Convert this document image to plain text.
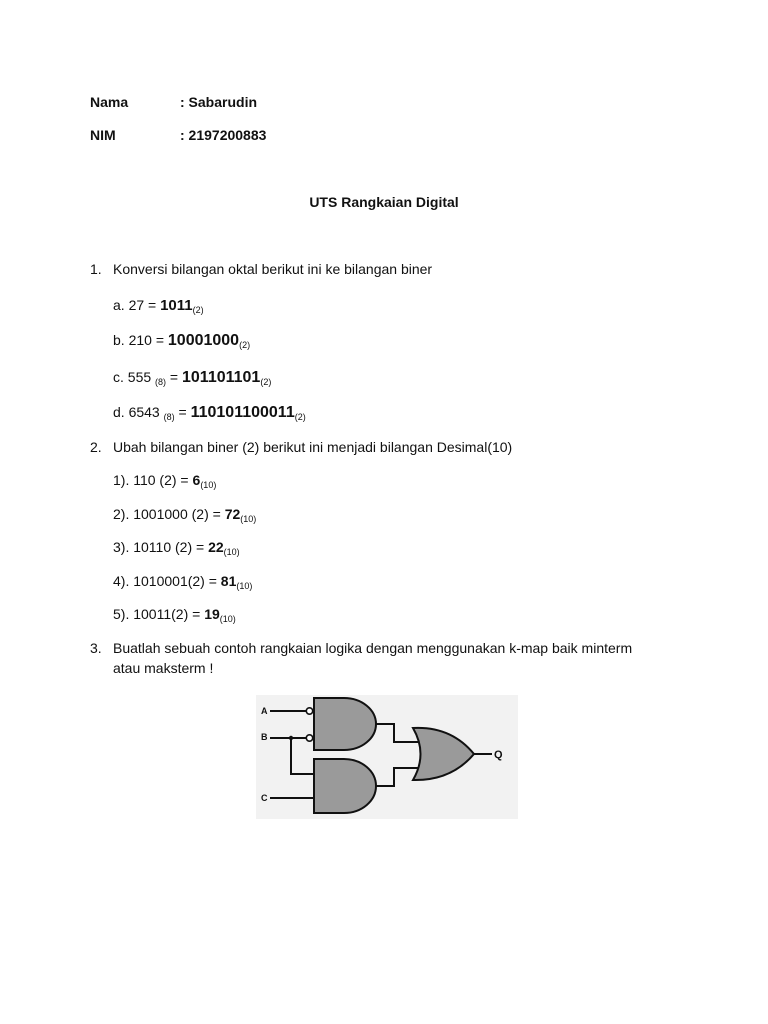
Nama	: Sabarudin
NIM	: 2197200883
UTS Rangkaian Digital
1. Konversi bilangan oktal berikut ini ke bilangan biner
a. $27 = 1011_{(2)}$
b. $210 = 10001000_{(2)}$
c. 555 $_{(8)} = 101101101_{(2)}$
d. 6543 $_{(8)} = 110101100011_{(2)}$
2. Ubah bilangan biner (2) berikut ini menjadi bilangan Desimal(10)
1). 110 $(2) = 6_{(10)}$
2). 1001000 $(2) = 72_{(10)}$
3). 10110 $(2) = 22_{(10)}$
4). $1010001(2) = 81_{(10)}$
5). $10011(2) = 19_{(10)}$
3. Buatlah sebuah contoh rangkaian logika dengan menggunakan k-map baik minterm
atau maksterm !
A
B
C
Q
